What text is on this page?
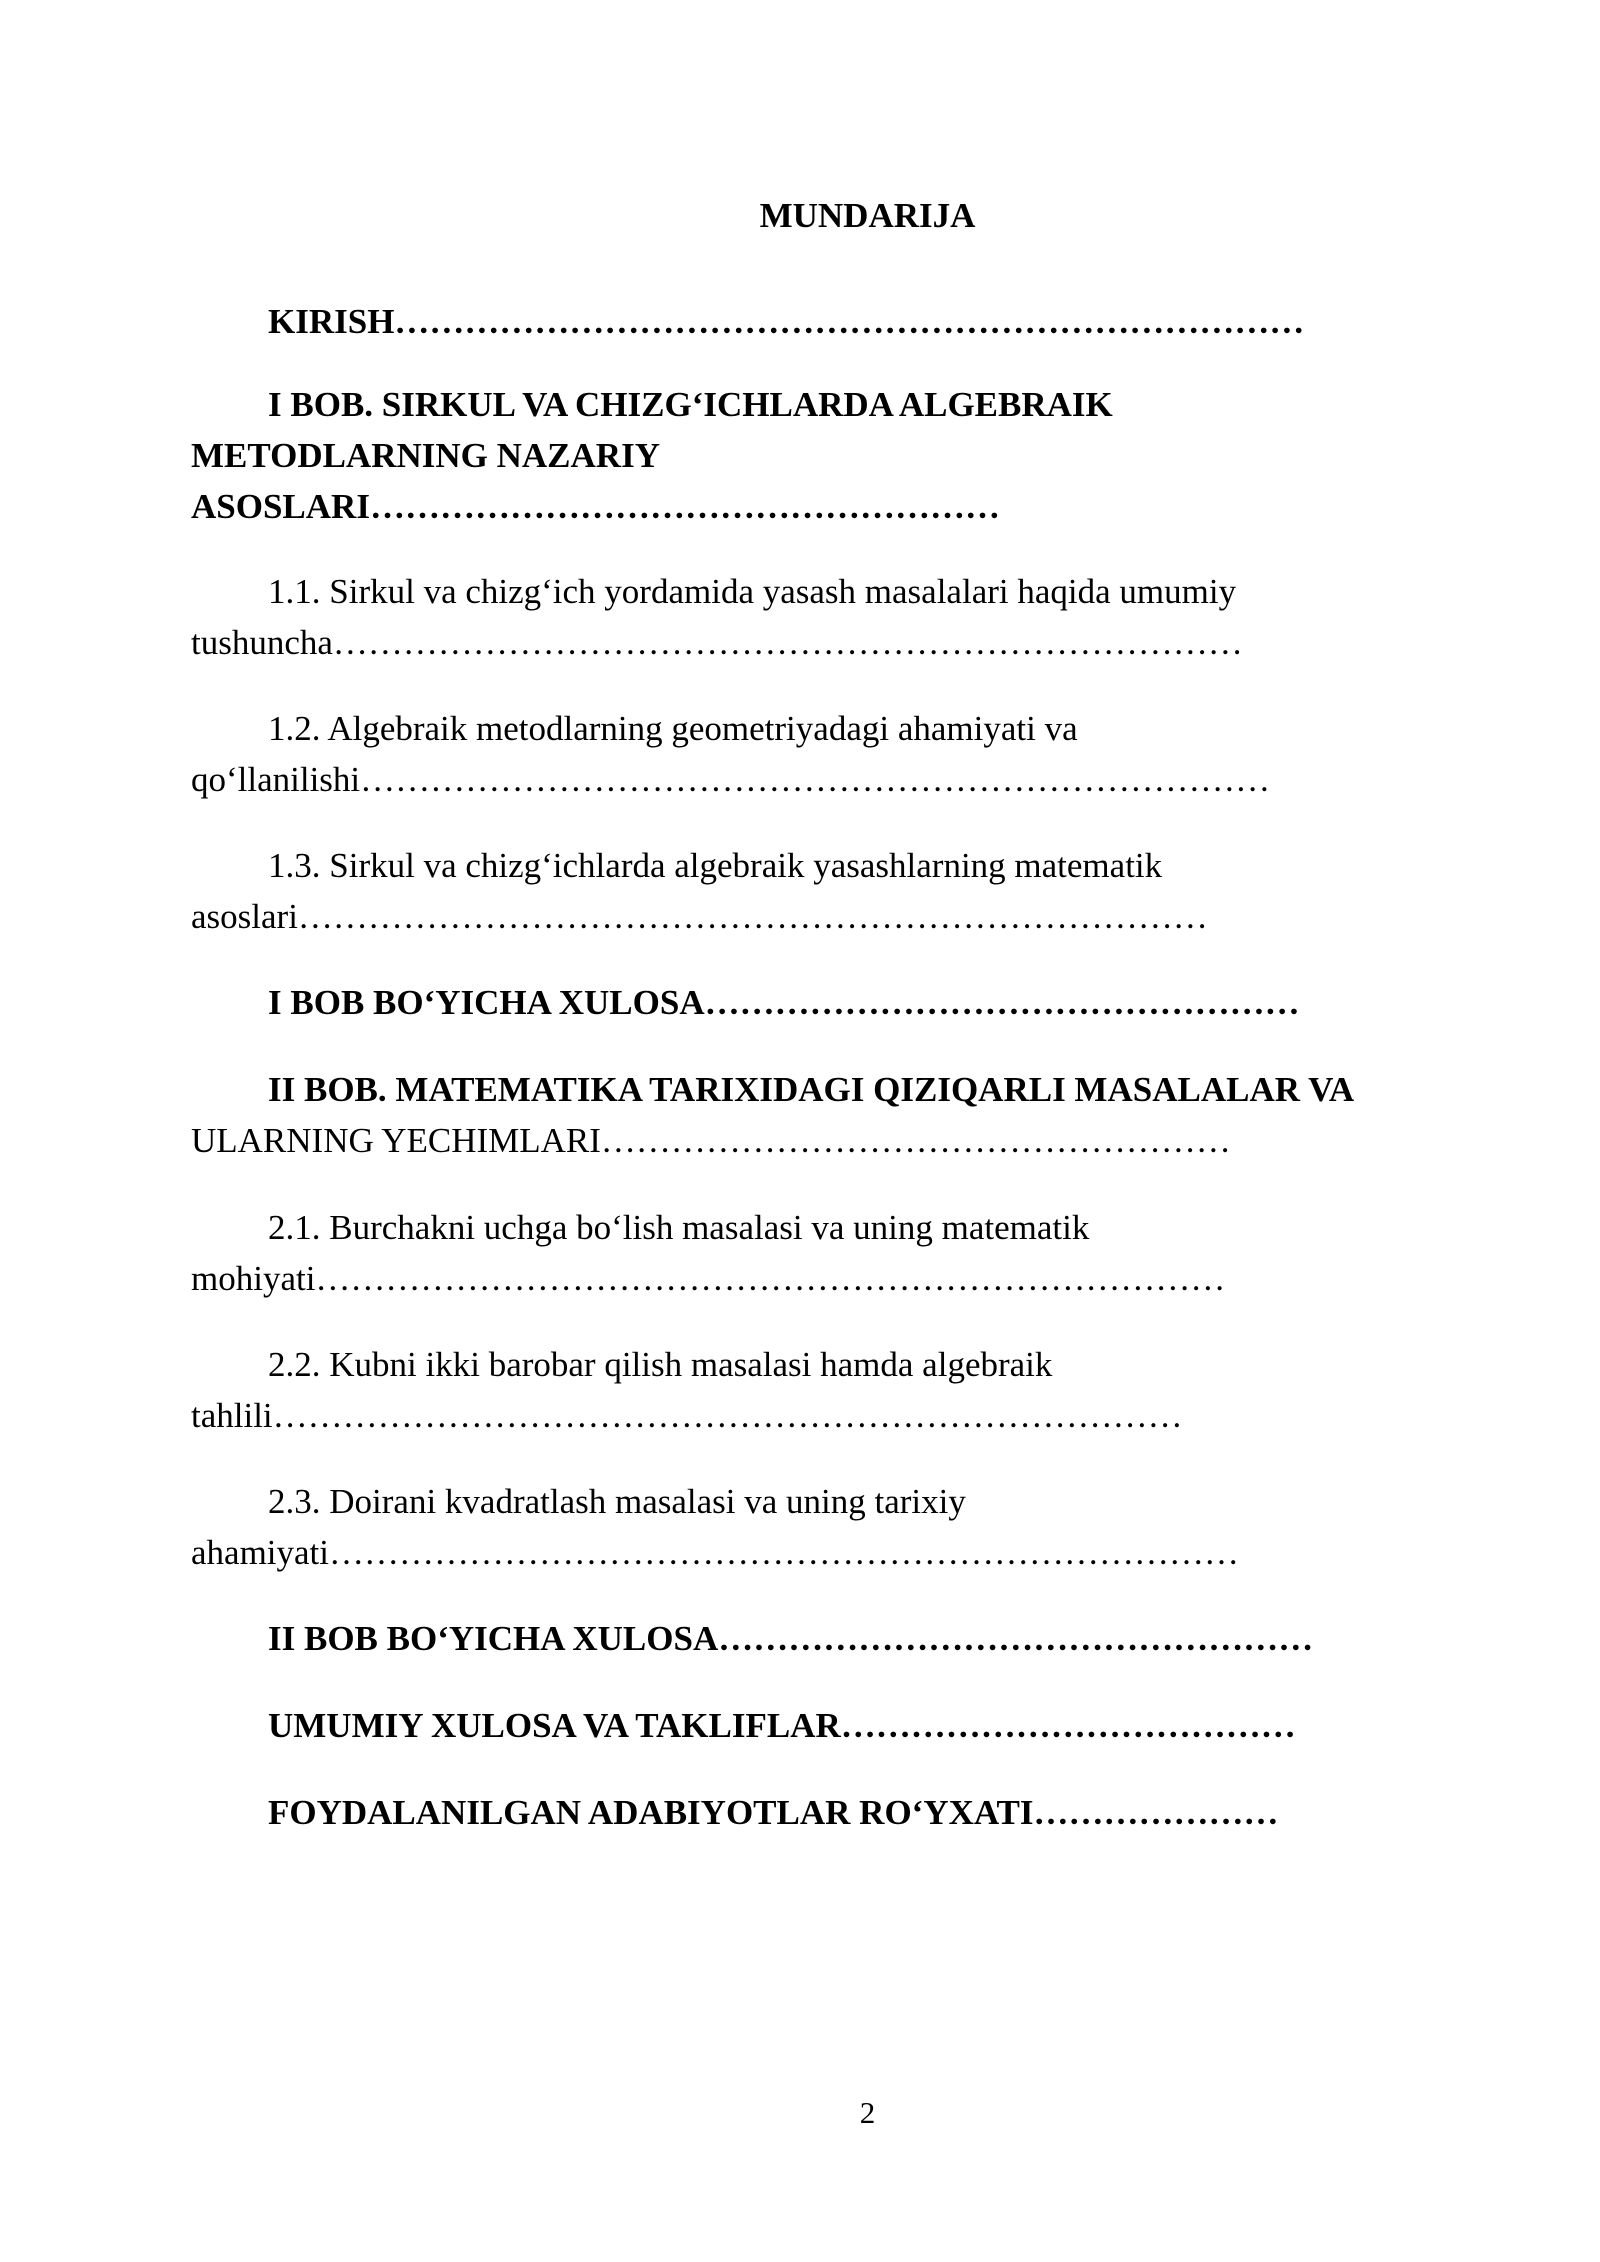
MUNDARIJA

KIRISH……………………………………………………………………

I BOB. SIRKUL VA CHIZG‘ICHLARDA ALGEBRAIK METODLARNING NAZARIY ASOSLARI………………………………………………

1.1. Sirkul va chizg‘ich yordamida yasash masalalari haqida umumiy tushuncha……………………………………………………………………

1.2. Algebraik metodlarning geometriyadagi ahamiyati va qo‘llanilishi……………………………………………………………………

1.3. Sirkul va chizg‘ichlarda algebraik yasashlarning matematik asoslari……………………………………………………………………

I BOB BO‘YICHA XULOSA……………………………………………

II BOB. MATEMATIKA TARIXIDAGI QIZIQARLI MASALALAR VA ULARNING YECHIMLARI………………………………………………

2.1. Burchakni uchga bo‘lish masalasi va uning matematik mohiyati……………………………………………………………………

2.2. Kubni ikki barobar qilish masalasi hamda algebraik tahlili……………………………………………………………………

2.3. Doirani kvadratlash masalasi va uning tarixiy ahamiyati……………………………………………………………………

II BOB BO‘YICHA XULOSA……………………………………………

UMUMIY XULOSA VA TAKLIFLAR…………………………………

FOYDALANILGAN ADABIYOTLAR RO‘YXATI…………………

2
